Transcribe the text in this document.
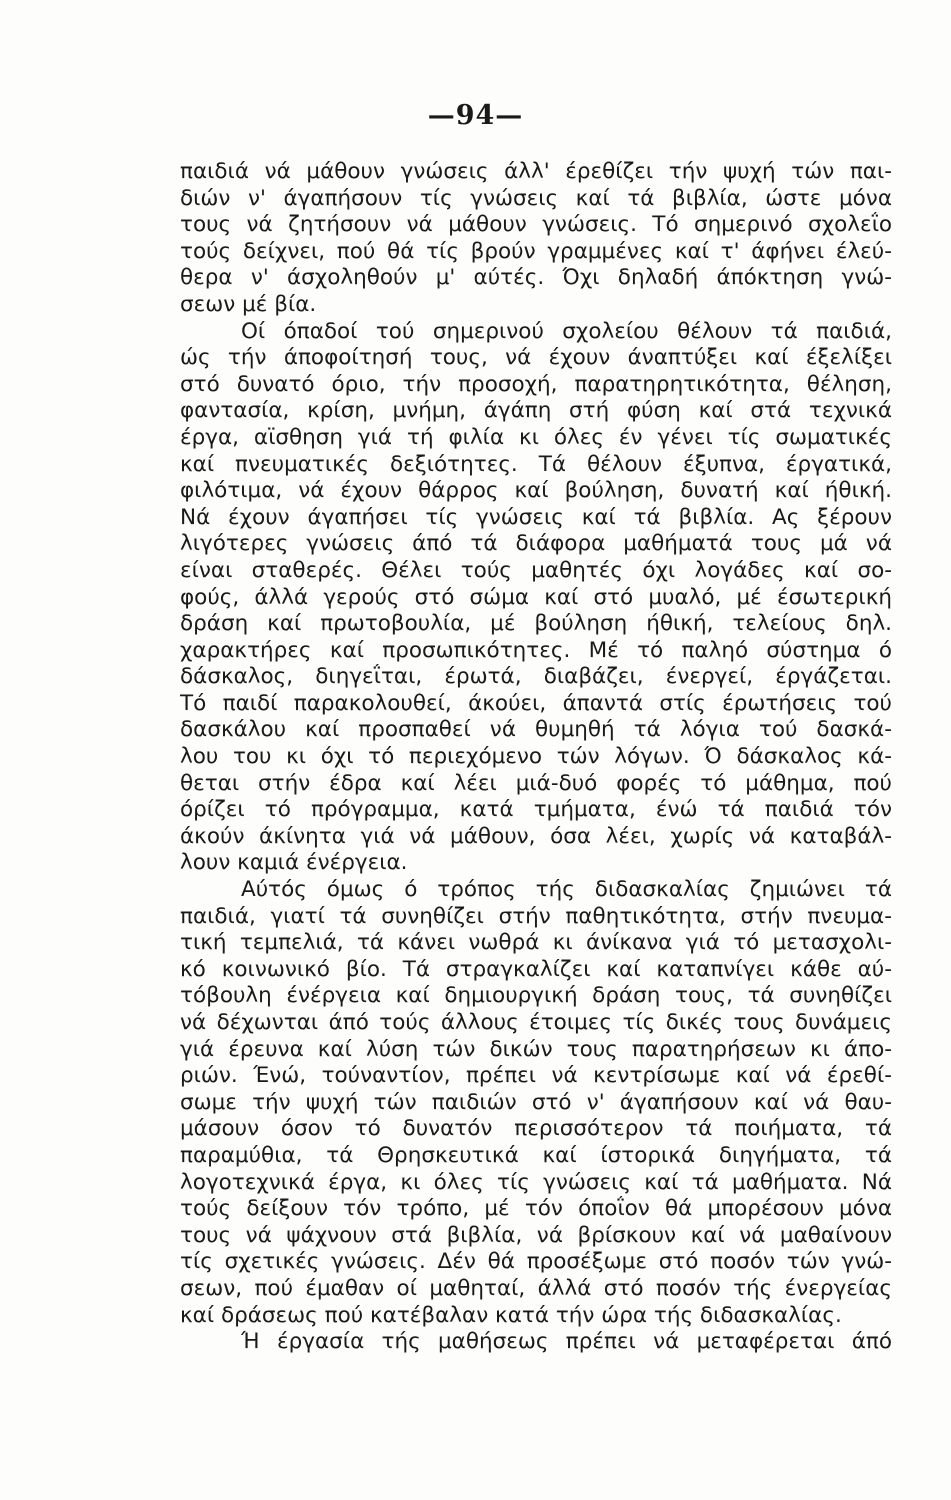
—94—
παιδιά νά μάθουν γνώσεις άλλ' έρεθίζει τήν ψυχή τών παι-
διών ν' άγαπήσουν τίς γνώσεις καί τά βιβλία, ώστε μόνα
τους νά ζητήσουν νά μάθουν γνώσεις. Τό σημερινό σχολεΐο
τούς δείχνει, πού θά τίς βρούν γραμμένες καί τ' άφήνει έλεύ-
θερα ν' άσχοληθούν μ' αύτές. Όχι δηλαδή άπόκτηση γνώ-
σεων μέ βία.
Οί όπαδοί τού σημερινού σχολείου θέλουν τά παιδιά,
ώς τήν άποφοίτησή τους, νά έχουν άναπτύξει καί έξελίξει
στό δυνατό όριο, τήν προσοχή, παρατηρητικότητα, θέληση,
φαντασία, κρίση, μνήμη, άγάπη στή φύση καί στά τεχνικά
έργα, αϊσθηση γιά τή φιλία κι όλες έν γένει τίς σωματικές
καί πνευματικές δεξιότητες. Τά θέλουν έξυπνα, έργατικά,
φιλότιμα, νά έχουν θάρρος καί βούληση, δυνατή καί ήθική.
Νά έχουν άγαπήσει τίς γνώσεις καί τά βιβλία. Ας ξέρουν
λιγότερες γνώσεις άπό τά διάφορα μαθήματά τους μά νά
είναι σταθερές. Θέλει τούς μαθητές όχι λογάδες καί σο-
φούς, άλλά γερούς στό σώμα καί στό μυαλό, μέ έσωτερική
δράση καί πρωτοβουλία, μέ βούληση ήθική, τελείους δηλ.
χαρακτήρες καί προσωπικότητες. Μέ τό παληό σύστημα ό
δάσκαλος, διηγεΐται, έρωτά, διαβάζει, ένεργεί, έργάζεται.
Τό παιδί παρακολουθεί, άκούει, άπαντά στίς έρωτήσεις τού
δασκάλου καί προσπαθεί νά θυμηθή τά λόγια τού δασκά-
λου του κι όχι τό περιεχόμενο τών λόγων. Ό δάσκαλος κά-
θεται στήν έδρα καί λέει μιά-δυό φορές τό μάθημα, πού
όρίζει τό πρόγραμμα, κατά τμήματα, ένώ τά παιδιά τόν
άκούν άκίνητα γιά νά μάθουν, όσα λέει, χωρίς νά καταβάλ-
λουν καμιά ένέργεια.
Αύτός όμως ό τρόπος τής διδασκαλίας ζημιώνει τά
παιδιά, γιατί τά συνηθίζει στήν παθητικότητα, στήν πνευμα-
τική τεμπελιά, τά κάνει νωθρά κι άνίκανα γιά τό μετασχολι-
κό κοινωνικό βίο. Τά στραγκαλίζει καί καταπνίγει κάθε αύ-
τόβουλη ένέργεια καί δημιουργική δράση τους, τά συνηθίζει
νά δέχωνται άπό τούς άλλους έτοιμες τίς δικές τους δυνάμεις
γιά έρευνα καί λύση τών δικών τους παρατηρήσεων κι άπο-
ριών. Ένώ, τούναντίον, πρέπει νά κεντρίσωμε καί νά έρεθί-
σωμε τήν ψυχή τών παιδιών στό ν' άγαπήσουν καί νά θαυ-
μάσουν όσον τό δυνατόν περισσότερον τά ποιήματα, τά
παραμύθια, τά Θρησκευτικά καί ίστορικά διηγήματα, τά
λογοτεχνικά έργα, κι όλες τίς γνώσεις καί τά μαθήματα. Νά
τούς δείξουν τόν τρόπο, μέ τόν όποΐον θά μπορέσουν μόνα
τους νά ψάχνουν στά βιβλία, νά βρίσκουν καί νά μαθαίνουν
τίς σχετικές γνώσεις. Δέν θά προσέξωμε στό ποσόν τών γνώ-
σεων, πού έμαθαν οί μαθηταί, άλλά στό ποσόν τής ένεργείας
καί δράσεως πού κατέβαλαν κατά τήν ώρα τής διδασκαλίας.
Ή έργασία τής μαθήσεως πρέπει νά μεταφέρεται άπό
